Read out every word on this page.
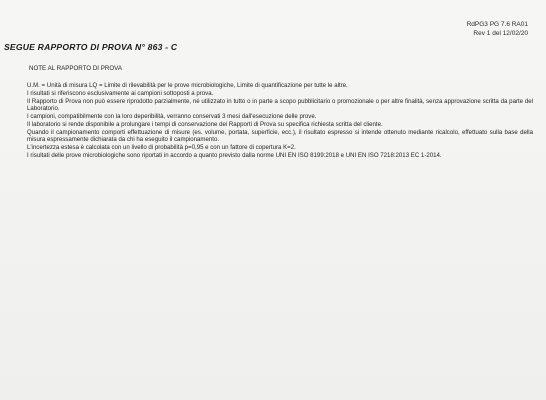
RdPG3 PG 7.6 RA01
Rev 1 del 12/02/20
SEGUE RAPPORTO DI PROVA N° 863 - C
NOTE AL RAPPORTO DI PROVA

U.M. = Unità di misura LQ = Limite di rilevabilità per le prove microbiologiche, Limite di quantificazione per tutte le altre.

I risultati si riferiscono esclusivamente ai campioni sottoposti a prova.

Il Rapporto di Prova non può essere riprodotto parzialmente, né utilizzato in tutto o in parte a scopo pubblicitario o promozionale o per altre finalità, senza approvazione scritta da parte del Laboratorio.

I campioni, compatibilmente con la loro deperibilità, verranno conservati 3 mesi dall'esecuzione delle prove.

Il laboratorio si rende disponibile a prolungare i tempi di conservazione dei Rapporti di Prova su specifica richiesta scritta del cliente.

Quando il campionamento comporti effettuazione di misure (es. volume, portata, superficie, ecc.), il risultato espresso si intende ottenuto mediante ricalcolo, effettuato sulla base della misura espressamente dichiarata da chi ha eseguito il campionamento.

L'incertezza estesa è calcolata con un livello di probabilità p=0,95 e con un fattore di copertura K=2.

I risultati delle prove microbiologiche sono riportati in accordo a quanto previsto dalla norme UNI EN ISO 8199:2018 e UNI EN ISO 7218:2013 EC 1-2014.
